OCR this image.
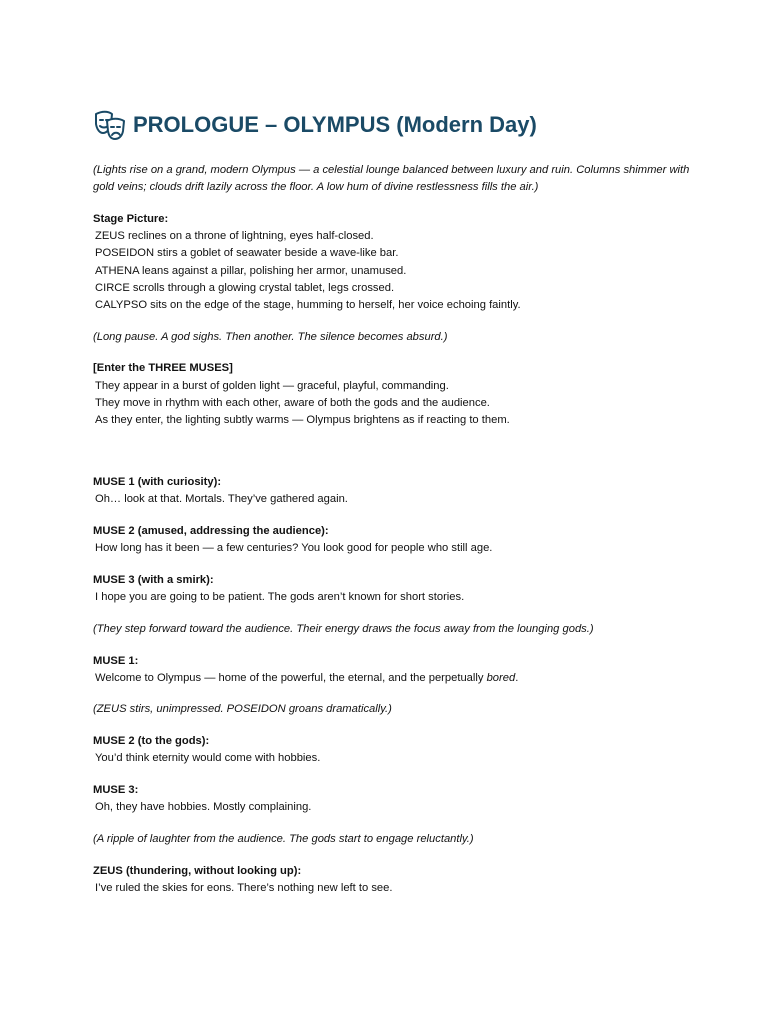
PROLOGUE – OLYMPUS (Modern Day)

(Lights rise on a grand, modern Olympus — a celestial lounge balanced between luxury and ruin. Columns shimmer with gold veins; clouds drift lazily across the floor. A low hum of divine restlessness fills the air.)

Stage Picture:

ZEUS reclines on a throne of lightning, eyes half-closed.
POSEIDON stirs a goblet of seawater beside a wave-like bar.
ATHENA leans against a pillar, polishing her armor, unamused.
CIRCE scrolls through a glowing crystal tablet, legs crossed.
CALYPSO sits on the edge of the stage, humming to herself, her voice echoing faintly.

(Long pause. A god sighs. Then another. The silence becomes absurd.)

[Enter the THREE MUSES]

They appear in a burst of golden light — graceful, playful, commanding.
They move in rhythm with each other, aware of both the gods and the audience.
As they enter, the lighting subtly warms — Olympus brightens as if reacting to them.

MUSE 1 (with curiosity):

Oh… look at that. Mortals. They’ve gathered again.

MUSE 2 (amused, addressing the audience):

How long has it been — a few centuries? You look good for people who still age.

MUSE 3 (with a smirk):

I hope you are going to be patient. The gods aren’t known for short stories.

(They step forward toward the audience. Their energy draws the focus away from the lounging gods.)

MUSE 1:

Welcome to Olympus — home of the powerful, the eternal, and the perpetually bored.

(ZEUS stirs, unimpressed. POSEIDON groans dramatically.)

MUSE 2 (to the gods):

You’d think eternity would come with hobbies.

MUSE 3:

Oh, they have hobbies. Mostly complaining.

(A ripple of laughter from the audience. The gods start to engage reluctantly.)

ZEUS (thundering, without looking up):

I’ve ruled the skies for eons. There’s nothing new left to see.
